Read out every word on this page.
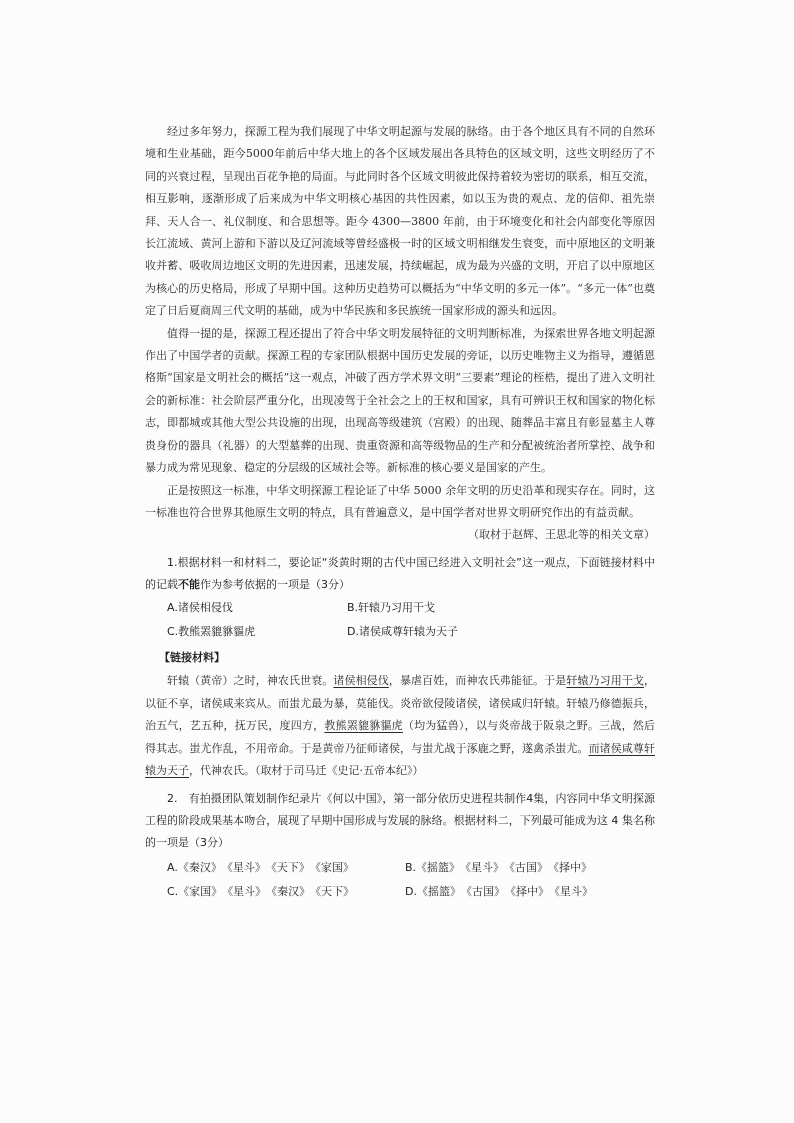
经过多年努力，探源工程为我们展现了中华文明起源与发展的脉络。由于各个地区具有不同的自然环境和生业基础，距今5000年前后中华大地上的各个区域发展出各具特色的区域文明，这些文明经历了不同的兴衰过程，呈现出百花争艳的局面。与此同时各个区域文明彼此保持着较为密切的联系，相互交流，相互影响，逐渐形成了后来成为中华文明核心基因的共性因素，如以玉为贵的观点、龙的信仰、祖先崇拜、天人合一、礼仪制度、和合思想等。距今 4300—3800 年前，由于环境变化和社会内部变化等原因长江流域、黄河上游和下游以及辽河流域等曾经盛极一时的区域文明相继发生衰变，而中原地区的文明兼收并蓄、吸收周边地区文明的先进因素，迅速发展，持续崛起，成为最为兴盛的文明，开启了以中原地区为核心的历史格局，形成了早期中国。这种历史趋势可以概括为“中华文明的多元一体”。“多元一体”也奠定了日后夏商周三代文明的基础，成为中华民族和多民族统一国家形成的源头和远因。

值得一提的是，探源工程还提出了符合中华文明发展特征的文明判断标准，为探索世界各地文明起源作出了中国学者的贡献。探源工程的专家团队根据中国历史发展的旁证，以历史唯物主义为指导，遵循恩格斯“国家是文明社会的概括”这一观点，冲破了西方学术界文明“三要素”理论的桎梏，提出了进入文明社会的新标准：社会阶层严重分化，出现凌驾于全社会之上的王权和国家，具有可辨识王权和国家的物化标志，即都城或其他大型公共设施的出现，出现高等级建筑（宫殿）的出现、随葬品丰富且有彰显墓主人尊贵身份的器具（礼器）的大型墓葬的出现、贵重资源和高等级物品的生产和分配被统治者所掌控、战争和暴力成为常见现象、稳定的分层级的区域社会等。新标准的核心要义是国家的产生。

正是按照这一标准，中华文明探源工程论证了中华 5000 余年文明的历史沿革和现实存在。同时，这一标准也符合世界其他原生文明的特点，具有普遍意义，是中国学者对世界文明研究作出的有益贡献。

（取材于赵辉、王思北等的相关文章）

1.根据材料一和材料二，要论证“炎黄时期的古代中国已经进入文明社会”这一观点，下面链接材料中的记载不能作为参考依据的一项是（3分）

A.诸侯相侵伐	B.轩辕乃习用干戈
C.教熊罴貔貅貙虎	D.诸侯咸尊轩辕为天子
【链接材料】

轩辕（黄帝）之时，神农氏世衰。诸侯相侵伐，暴虐百姓，而神农氏弗能征。于是轩辕乃习用干戈，以征不享，诸侯咸来宾从。而蚩尤最为暴，莫能伐。炎帝欲侵陵诸侯，诸侯咸归轩辕。轩辕乃修德振兵，治五气，艺五种，抚万民，度四方，教熊罴貔貅貙虎（均为猛兽），以与炎帝战于阪泉之野。三战，然后得其志。蚩尤作乱，不用帝命。于是黄帝乃征师诸侯，与蚩尤战于涿鹿之野，遂禽杀蚩尤。而诸侯咸尊轩辕为天子，代神农氏。（取材于司马迁《史记·五帝本纪》）

2.　有拍摄团队策划制作纪录片《何以中国》，第一部分依历史进程共制作4集，内容同中华文明探源工程的阶段成果基本吻合，展现了早期中国形成与发展的脉络。根据材料二，下列最可能成为这 4 集名称的一项是（3分）

A.《秦汉》　《星斗》　《天下》　《家国》	B.《摇篮》　《星斗》　《古国》　《择中》
C.《家国》　《星斗》　《秦汉》　《天下》	D.《摇篮》　《古国》　《择中》　《星斗》
